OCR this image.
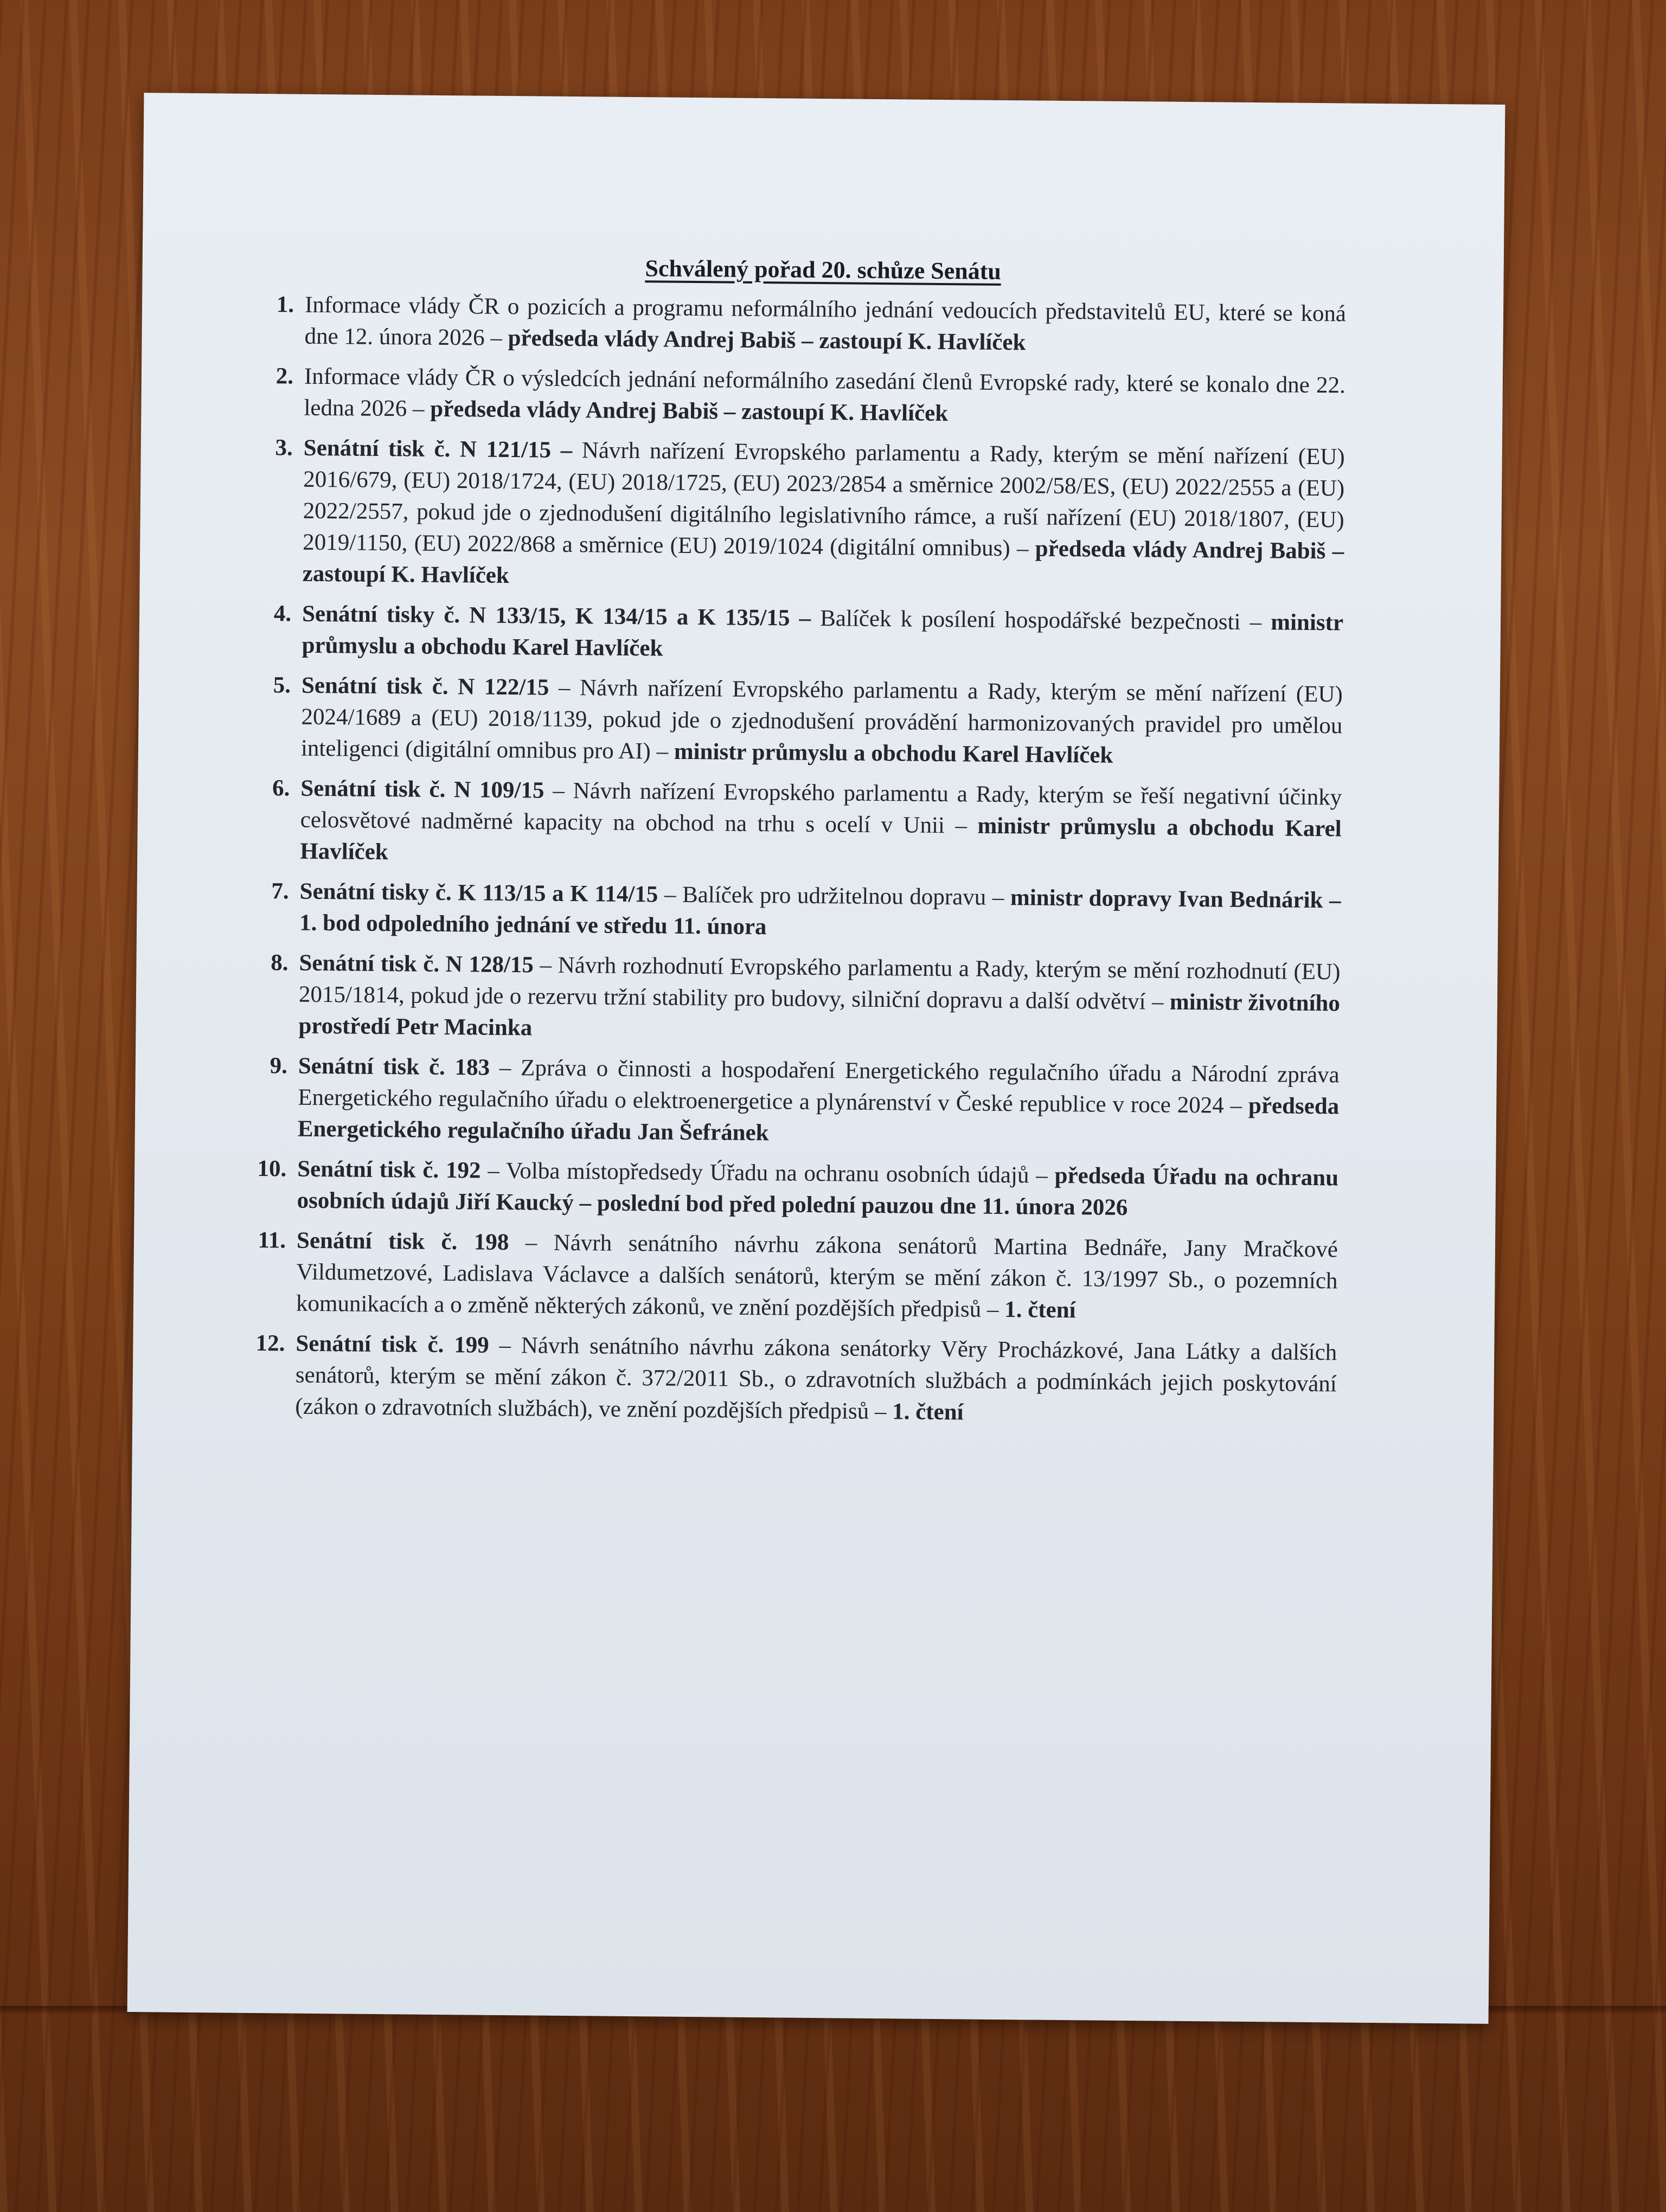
Schválený pořad 20. schůze Senátu
1. Informace vlády ČR o pozicích a programu neformálního jednání vedoucích představitelů EU, které se koná dne 12. února 2026 – předseda vlády Andrej Babiš – zastoupí K. Havlíček
2. Informace vlády ČR o výsledcích jednání neformálního zasedání členů Evropské rady, které se konalo dne 22. ledna 2026 – předseda vlády Andrej Babiš – zastoupí K. Havlíček
3. Senátní tisk č. N 121/15 – Návrh nařízení Evropského parlamentu a Rady, kterým se mění nařízení (EU) 2016/679, (EU) 2018/1724, (EU) 2018/1725, (EU) 2023/2854 a směrnice 2002/58/ES, (EU) 2022/2555 a (EU) 2022/2557, pokud jde o zjednodušení digitálního legislativního rámce, a ruší nařízení (EU) 2018/1807, (EU) 2019/1150, (EU) 2022/868 a směrnice (EU) 2019/1024 (digitální omnibus) – předseda vlády Andrej Babiš – zastoupí K. Havlíček
4. Senátní tisky č. N 133/15, K 134/15 a K 135/15 – Balíček k posílení hospodářské bezpečnosti – ministr průmyslu a obchodu Karel Havlíček
5. Senátní tisk č. N 122/15 – Návrh nařízení Evropského parlamentu a Rady, kterým se mění nařízení (EU) 2024/1689 a (EU) 2018/1139, pokud jde o zjednodušení provádění harmonizovaných pravidel pro umělou inteligenci (digitální omnibus pro AI) – ministr průmyslu a obchodu Karel Havlíček
6. Senátní tisk č. N 109/15 – Návrh nařízení Evropského parlamentu a Rady, kterým se řeší negativní účinky celosvětové nadměrné kapacity na obchod na trhu s ocelí v Unii – ministr průmyslu a obchodu Karel Havlíček
7. Senátní tisky č. K 113/15 a K 114/15 – Balíček pro udržitelnou dopravu – ministr dopravy Ivan Bednárik – 1. bod odpoledního jednání ve středu 11. února
8. Senátní tisk č. N 128/15 – Návrh rozhodnutí Evropského parlamentu a Rady, kterým se mění rozhodnutí (EU) 2015/1814, pokud jde o rezervu tržní stability pro budovy, silniční dopravu a další odvětví – ministr životního prostředí Petr Macinka
9. Senátní tisk č. 183 – Zpráva o činnosti a hospodaření Energetického regulačního úřadu a Národní zpráva Energetického regulačního úřadu o elektroenergetice a plynárenství v České republice v roce 2024 – předseda Energetického regulačního úřadu Jan Šefránek
10. Senátní tisk č. 192 – Volba místopředsedy Úřadu na ochranu osobních údajů – předseda Úřadu na ochranu osobních údajů Jiří Kaucký – poslední bod před polední pauzou dne 11. února 2026
11. Senátní tisk č. 198 – Návrh senátního návrhu zákona senátorů Martina Bednáře, Jany Mračkové Vildumetzové, Ladislava Václavce a dalších senátorů, kterým se mění zákon č. 13/1997 Sb., o pozemních komunikacích a o změně některých zákonů, ve znění pozdějších předpisů – 1. čtení
12. Senátní tisk č. 199 – Návrh senátního návrhu zákona senátorky Věry Procházkové, Jana Látky a dalších senátorů, kterým se mění zákon č. 372/2011 Sb., o zdravotních službách a podmínkách jejich poskytování (zákon o zdravotních službách), ve znění pozdějších předpisů – 1. čtení
